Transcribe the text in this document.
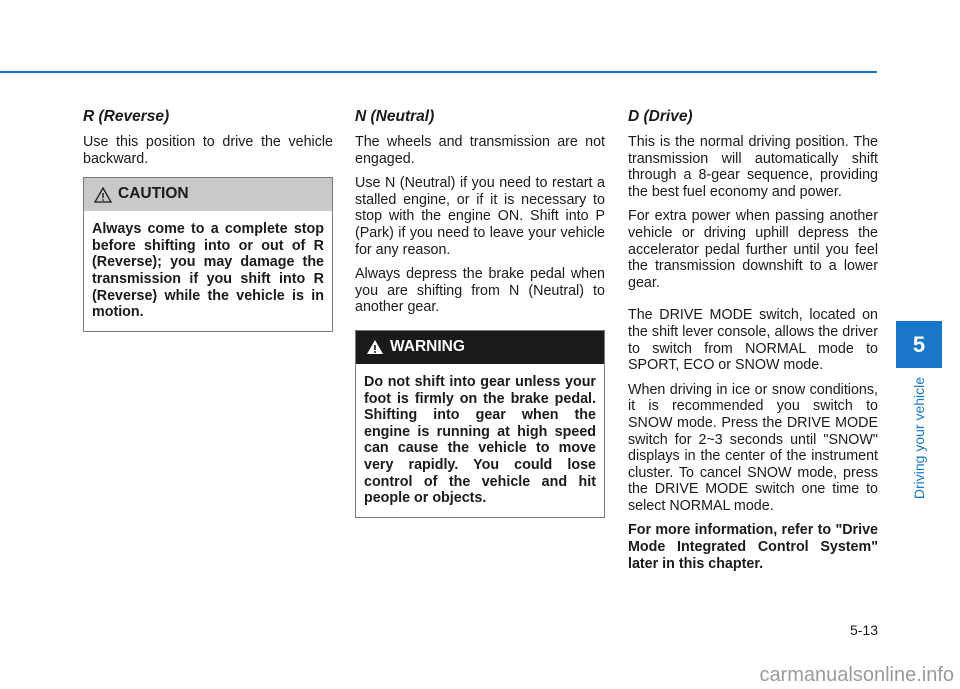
R (Reverse)

Use this position to drive the vehicle backward.

CAUTION

Always come to a complete stop before shifting into or out of R (Reverse); you may damage the transmission if you shift into R (Reverse) while the vehicle is in motion.

N (Neutral)

The wheels and transmission are not engaged.

Use N (Neutral) if you need to restart a stalled engine, or if it is necessary to stop with the engine ON. Shift into P (Park) if you need to leave your vehicle for any reason.

Always depress the brake pedal when you are shifting from N (Neutral) to another gear.

WARNING

Do not shift into gear unless your foot is firmly on the brake pedal. Shifting into gear when the engine is running at high speed can cause the vehicle to move very rapidly. You could lose control of the vehicle and hit people or objects.

D (Drive)

This is the normal driving position. The transmission will automatically shift through a 8-gear sequence, providing the best fuel economy and power.

For extra power when passing another vehicle or driving uphill depress the accelerator pedal further until you feel the transmission downshift to a lower gear.

The DRIVE MODE switch, located on the shift lever console, allows the driver to switch from NORMAL mode to SPORT, ECO or SNOW mode.

When driving in ice or snow conditions, it is recommended you switch to SNOW mode. Press the DRIVE MODE switch for 2~3 seconds until "SNOW" displays in the center of the instrument cluster. To cancel SNOW mode, press the DRIVE MODE switch one time to select NORMAL mode.

For more information, refer to "Drive Mode Integrated Control System" later in this chapter.

5
Driving your vehicle
5-13
carmanualsonline.info
